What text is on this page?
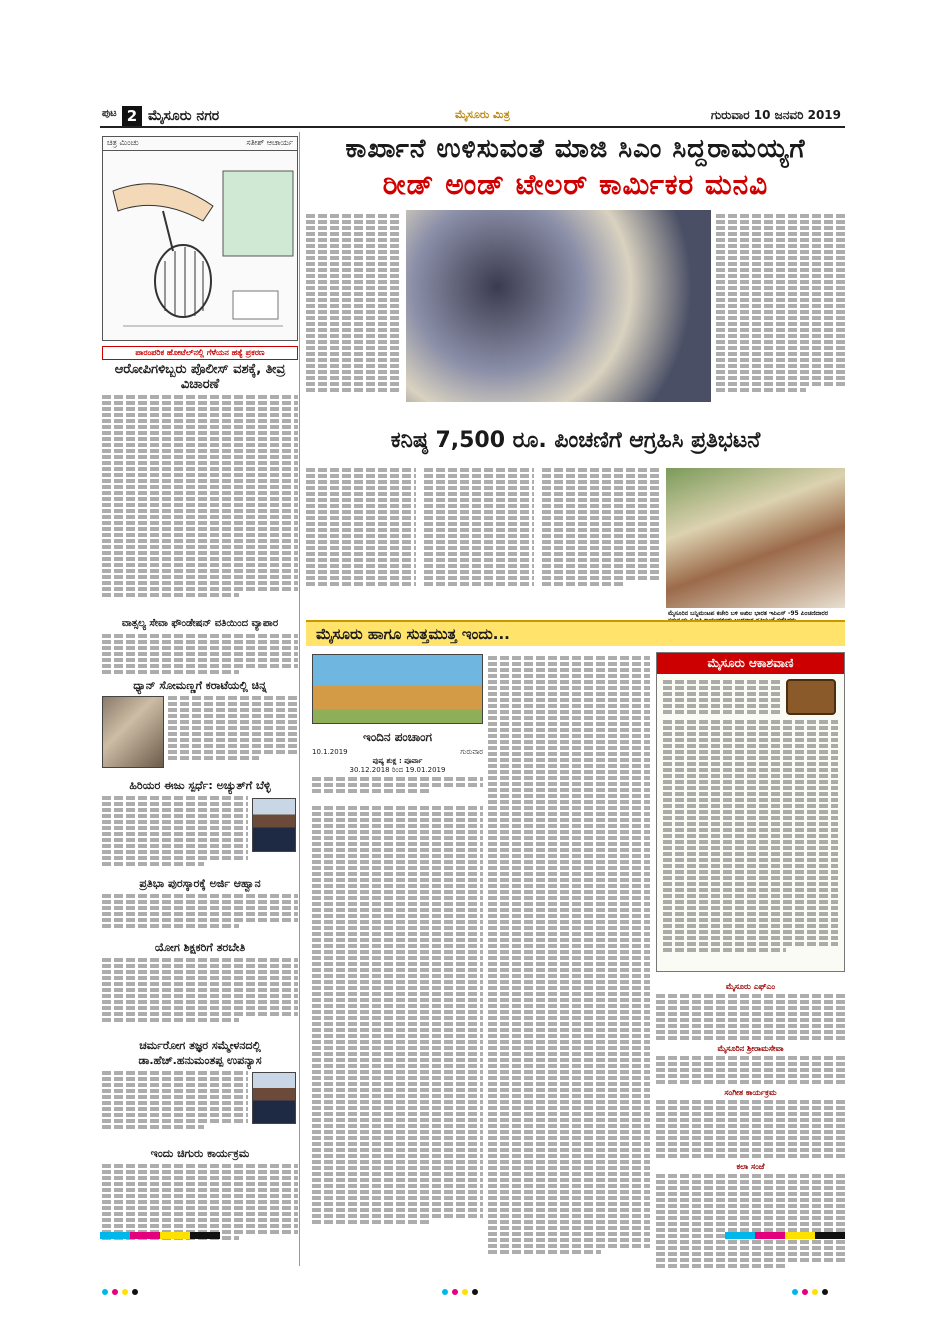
ಪುಟ 2 ಮೈಸೂರು ನಗರ	ಮೈಸೂರು ಮಿತ್ರ	ಗುರುವಾರ 10 ಜನವರಿ 2019
ಚಿತ್ರ ಮಿಂಚು	ಸತೀಶ್ ಆಚಾರ್ಯ
ಪಾರಂಪರಿಕ ಹೋಟೆಲ್‌ನಲ್ಲಿ ಗೆಳೆಯನ ಹತ್ಯೆ ಪ್ರಕರಣ
ಆರೋಪಿಗಳಿಬ್ಬರು ಪೊಲೀಸ್ ವಶಕ್ಕೆ, ತೀವ್ರ ವಿಚಾರಣೆ
ವಾತ್ಸಲ್ಯ ಸೇವಾ ಫೌಂಡೇಷನ್ ವತಿಯಿಂದ ವ್ಯಾಪಾರ
ಧ್ಯಾನ್ ಸೋಮಣ್ಣಗೆ ಕರಾಟೆಯಲ್ಲಿ ಚಿನ್ನ
ಹಿರಿಯರ ಈಜು ಸ್ಪರ್ಧೆ: ಅಚ್ಯುತ್‌ಗೆ ಬೆಳ್ಳಿ
ಪ್ರತಿಭಾ ಪುರಸ್ಕಾರಕ್ಕೆ ಅರ್ಜಿ ಆಹ್ವಾನ
ಯೋಗ ಶಿಕ್ಷಕರಿಗೆ ತರಬೇತಿ
ಚರ್ಮರೋಗ ತಜ್ಞರ ಸಮ್ಮೇಳನದಲ್ಲಿ ಡಾ.ಹೆಚ್.ಹನುಮಂತಪ್ಪ ಉಪನ್ಯಾಸ
ಇಂದು ಚಿಗುರು ಕಾರ್ಯಕ್ರಮ
ಕಾರ್ಖಾನೆ ಉಳಿಸುವಂತೆ ಮಾಜಿ ಸಿಎಂ ಸಿದ್ದರಾಮಯ್ಯಗೆ
ರೀಡ್ ಅಂಡ್ ಟೇಲರ್ ಕಾರ್ಮಿಕರ ಮನವಿ
ಕನಿಷ್ಠ 7,500 ರೂ. ಪಿಂಚಣಿಗೆ ಆಗ್ರಹಿಸಿ ಪ್ರತಿಭಟನೆ
ಮೈಸೂರಿನ ಬನ್ನಿಮಂಟಪ ಕಚೇರಿ ಬಳಿ ಅಖಿಲ ಭಾರತ ಇಪಿಎಸ್ -95 ಪಿಂಚಣಿದಾರರ
ಮೈಸೂರು ಹಾಗೂ ಸುತ್ತಮುತ್ತ ಇಂದು...
ಇಂದಿನ ಪಂಚಾಂಗ
10.1.2019	ಗುರುವಾರ
ಪುಷ್ಯ ಶುಕ್ಲ : ಪೂರ್ವಾ
30.12.2018 ರಿಂದ 19.01.2019
ಮೈಸೂರು ಆಕಾಶವಾಣಿ
ಮೈಸೂರು ಎಫ್ಎಂ
ಮೈಸೂರಿನ ಶ್ರೀರಾಮಸೇವಾ
ಸಂಗೀತ ಕಾರ್ಯಕ್ರಮ
ಕಲಾ ಸಂಜೆ
